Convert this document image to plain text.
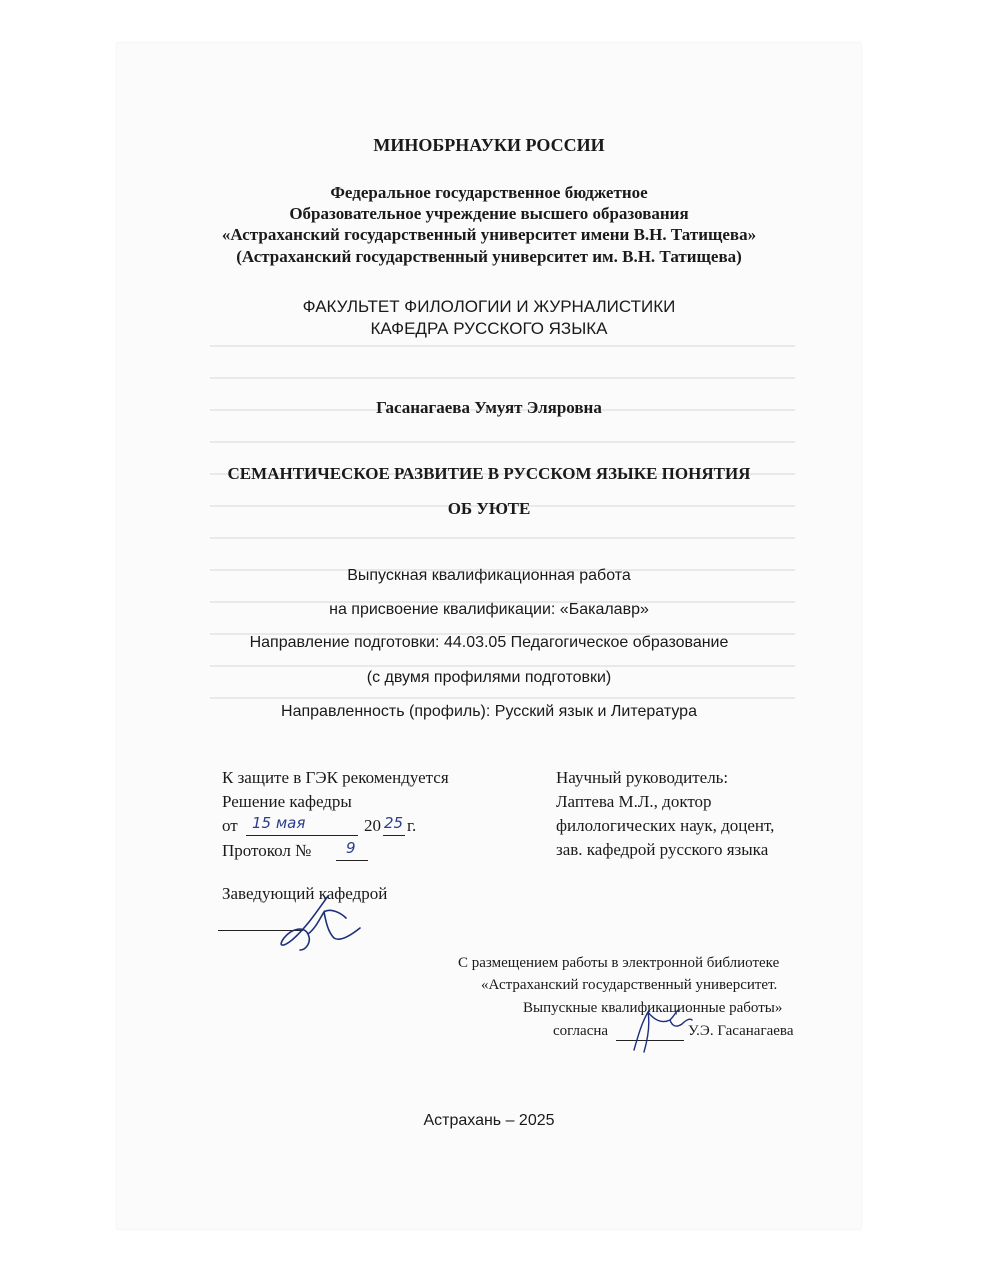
МИНОБРНАУКИ РОССИИ
Федеральное государственное бюджетное
Образовательное учреждение высшего образования
«Астраханский государственный университет имени В.Н. Татищева»
(Астраханский государственный университет им. В.Н. Татищева)
ФАКУЛЬТЕТ ФИЛОЛОГИИ И ЖУРНАЛИСТИКИ
КАФЕДРА РУССКОГО ЯЗЫКА
Гасанагаева Умуят Эляровна
СЕМАНТИЧЕСКОЕ РАЗВИТИЕ В РУССКОМ ЯЗЫКЕ ПОНЯТИЯ
ОБ УЮТЕ
Выпускная квалификационная работа
на присвоение квалификации: «Бакалавр»
Направление подготовки: 44.03.05 Педагогическое образование
(с двумя профилями подготовки)
Направленность (профиль): Русский язык и Литература
К защите в ГЭК рекомендуется
Решение кафедры
от 15 мая	20 25 г.
Протокол № 9
Заведующий кафедрой
Научный руководитель:
Лаптева М.Л., доктор
филологических наук, доцент,
зав. кафедрой русского языка
С размещением работы в электронной библиотеке
«Астраханский государственный университет.
Выпускные квалификационные работы»
согласна	У.Э. Гасанагаева
Астрахань – 2025
